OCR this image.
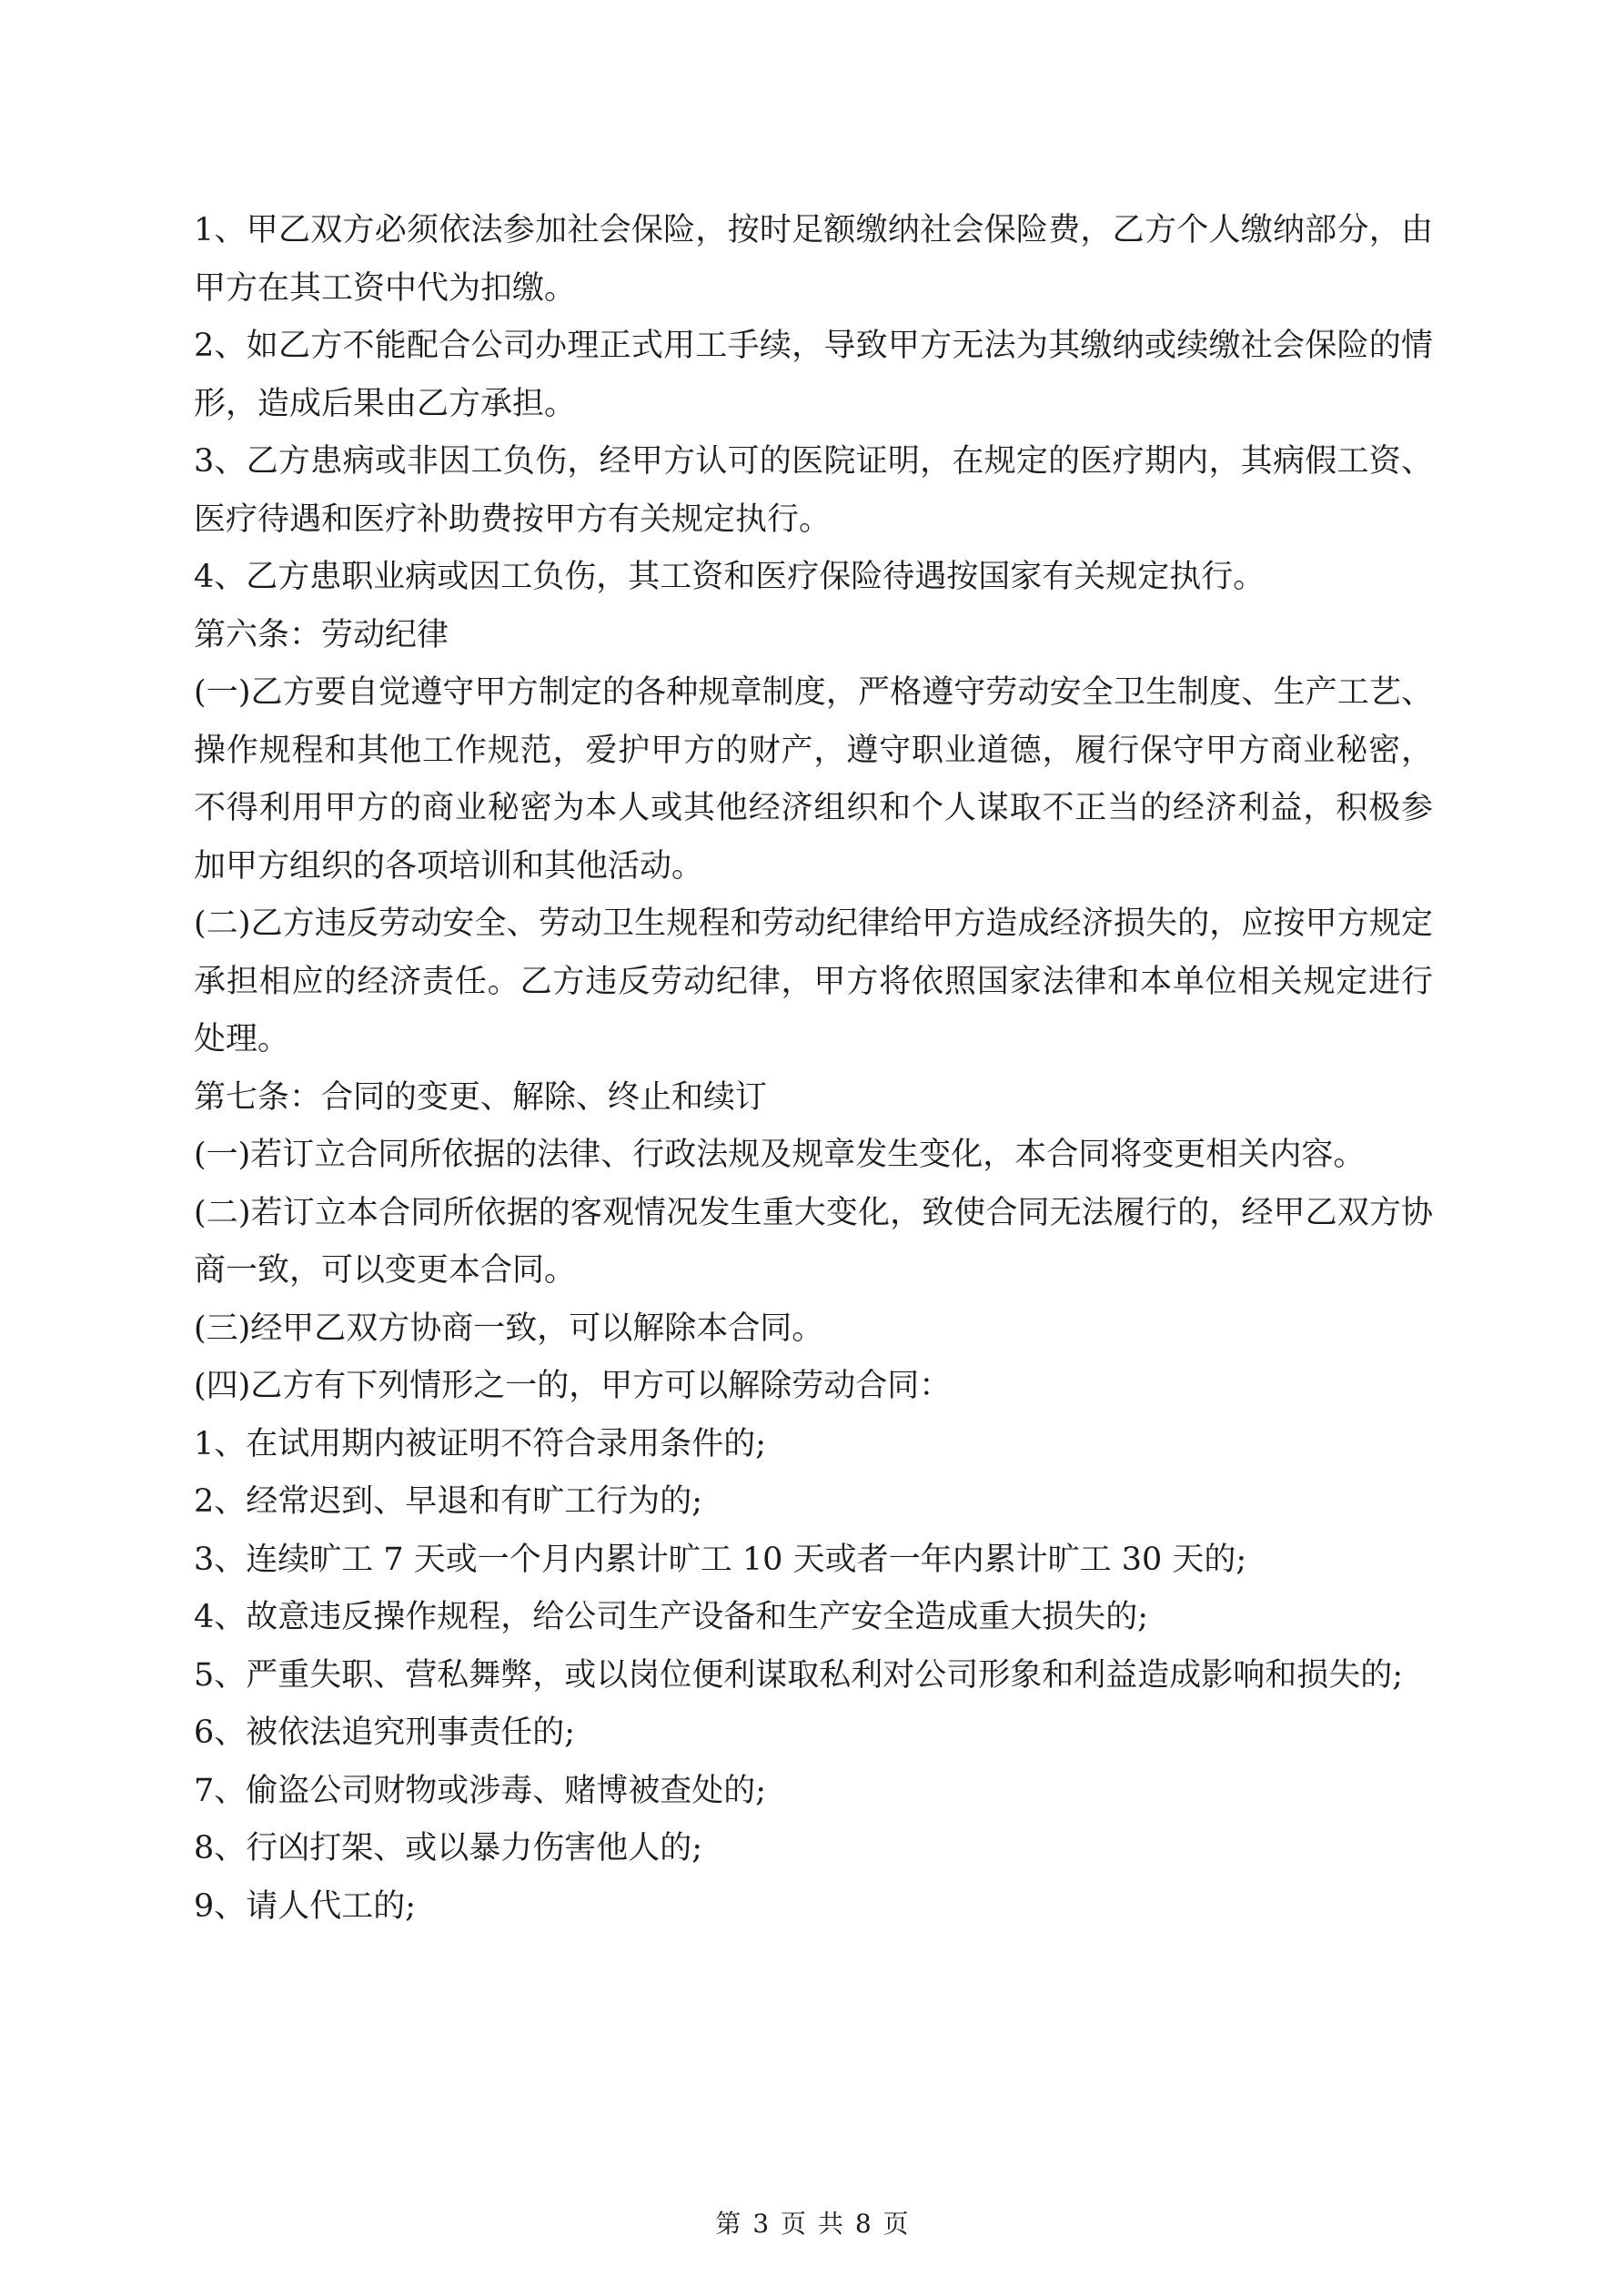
1、甲乙双方必须依法参加社会保险，按时足额缴纳社会保险费，乙方个人缴纳部分，由甲方在其工资中代为扣缴。

2、如乙方不能配合公司办理正式用工手续，导致甲方无法为其缴纳或续缴社会保险的情形，造成后果由乙方承担。

3、乙方患病或非因工负伤，经甲方认可的医院证明，在规定的医疗期内，其病假工资、医疗待遇和医疗补助费按甲方有关规定执行。

4、乙方患职业病或因工负伤，其工资和医疗保险待遇按国家有关规定执行。

第六条：劳动纪律

(一)乙方要自觉遵守甲方制定的各种规章制度，严格遵守劳动安全卫生制度、生产工艺、操作规程和其他工作规范，爱护甲方的财产，遵守职业道德，履行保守甲方商业秘密，不得利用甲方的商业秘密为本人或其他经济组织和个人谋取不正当的经济利益，积极参加甲方组织的各项培训和其他活动。

(二)乙方违反劳动安全、劳动卫生规程和劳动纪律给甲方造成经济损失的，应按甲方规定承担相应的经济责任。乙方违反劳动纪律，甲方将依照国家法律和本单位相关规定进行处理。

第七条：合同的变更、解除、终止和续订

(一)若订立合同所依据的法律、行政法规及规章发生变化，本合同将变更相关内容。

(二)若订立本合同所依据的客观情况发生重大变化，致使合同无法履行的，经甲乙双方协商一致，可以变更本合同。

(三)经甲乙双方协商一致，可以解除本合同。

(四)乙方有下列情形之一的，甲方可以解除劳动合同：

1、在试用期内被证明不符合录用条件的;

2、经常迟到、早退和有旷工行为的;

3、连续旷工 7 天或一个月内累计旷工 10 天或者一年内累计旷工 30 天的;

4、故意违反操作规程，给公司生产设备和生产安全造成重大损失的;

5、严重失职、营私舞弊，或以岗位便利谋取私利对公司形象和利益造成影响和损失的;

6、被依法追究刑事责任的;

7、偷盗公司财物或涉毒、赌博被查处的;

8、行凶打架、或以暴力伤害他人的;

9、请人代工的;

第 3 页 共 8 页
